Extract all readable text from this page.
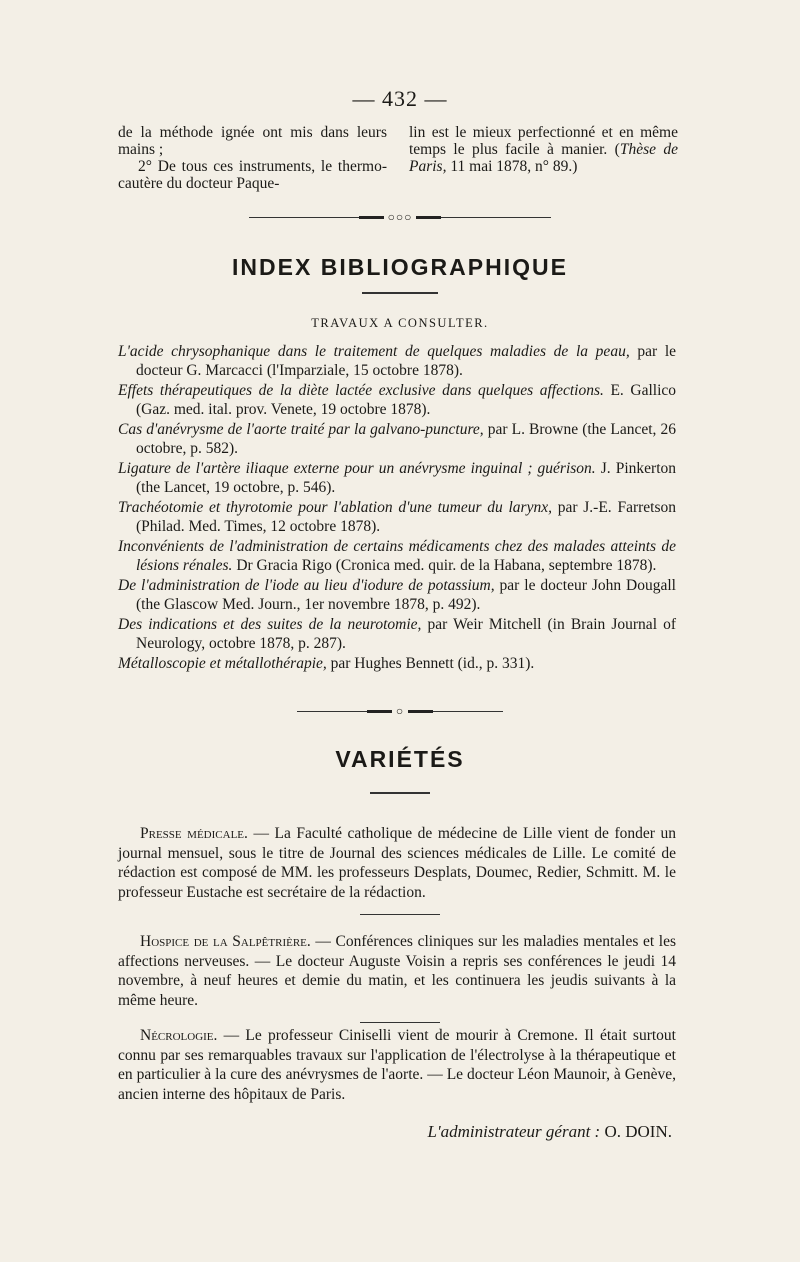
— 432 —

de la méthode ignée ont mis dans leurs mains ;

2° De tous ces instruments, le thermo-cautère du docteur Paque-

lin est le mieux perfectionné et en même temps le plus facile à manier. (Thèse de Paris, 11 mai 1878, n° 89.)

○○○
INDEX BIBLIOGRAPHIQUE
TRAVAUX A CONSULTER.

L'acide chrysophanique dans le traitement de quelques maladies de la peau, par le docteur G. Marcacci (l'Imparziale, 15 octobre 1878).

Effets thérapeutiques de la diète lactée exclusive dans quelques affections. E. Gallico (Gaz. med. ital. prov. Venete, 19 octobre 1878).

Cas d'anévrysme de l'aorte traité par la galvano-puncture, par L. Browne (the Lancet, 26 octobre, p. 582).

Ligature de l'artère iliaque externe pour un anévrysme inguinal ; guérison. J. Pinkerton (the Lancet, 19 octobre, p. 546).

Trachéotomie et thyrotomie pour l'ablation d'une tumeur du larynx, par J.-E. Farretson (Philad. Med. Times, 12 octobre 1878).

Inconvénients de l'administration de certains médicaments chez des malades atteints de lésions rénales. Dr Gracia Rigo (Cronica med. quir. de la Habana, septembre 1878).

De l'administration de l'iode au lieu d'iodure de potassium, par le docteur John Dougall (the Glascow Med. Journ., 1er novembre 1878, p. 492).

Des indications et des suites de la neurotomie, par Weir Mitchell (in Brain Journal of Neurology, octobre 1878, p. 287).

Métalloscopie et métallothérapie, par Hughes Bennett (id., p. 331).

○
VARIÉTÉS

Presse médicale. — La Faculté catholique de médecine de Lille vient de fonder un journal mensuel, sous le titre de Journal des sciences médicales de Lille. Le comité de rédaction est composé de MM. les professeurs Desplats, Doumec, Redier, Schmitt. M. le professeur Eustache est secrétaire de la rédaction.

Hospice de la Salpêtrière. — Conférences cliniques sur les maladies mentales et les affections nerveuses. — Le docteur Auguste Voisin a repris ses conférences le jeudi 14 novembre, à neuf heures et demie du matin, et les continuera les jeudis suivants à la même heure.

Nécrologie. — Le professeur Ciniselli vient de mourir à Cremone. Il était surtout connu par ses remarquables travaux sur l'application de l'électrolyse à la thérapeutique et en particulier à la cure des anévrysmes de l'aorte. — Le docteur Léon Maunoir, à Genève, ancien interne des hôpitaux de Paris.

L'administrateur gérant : O. DOIN.
